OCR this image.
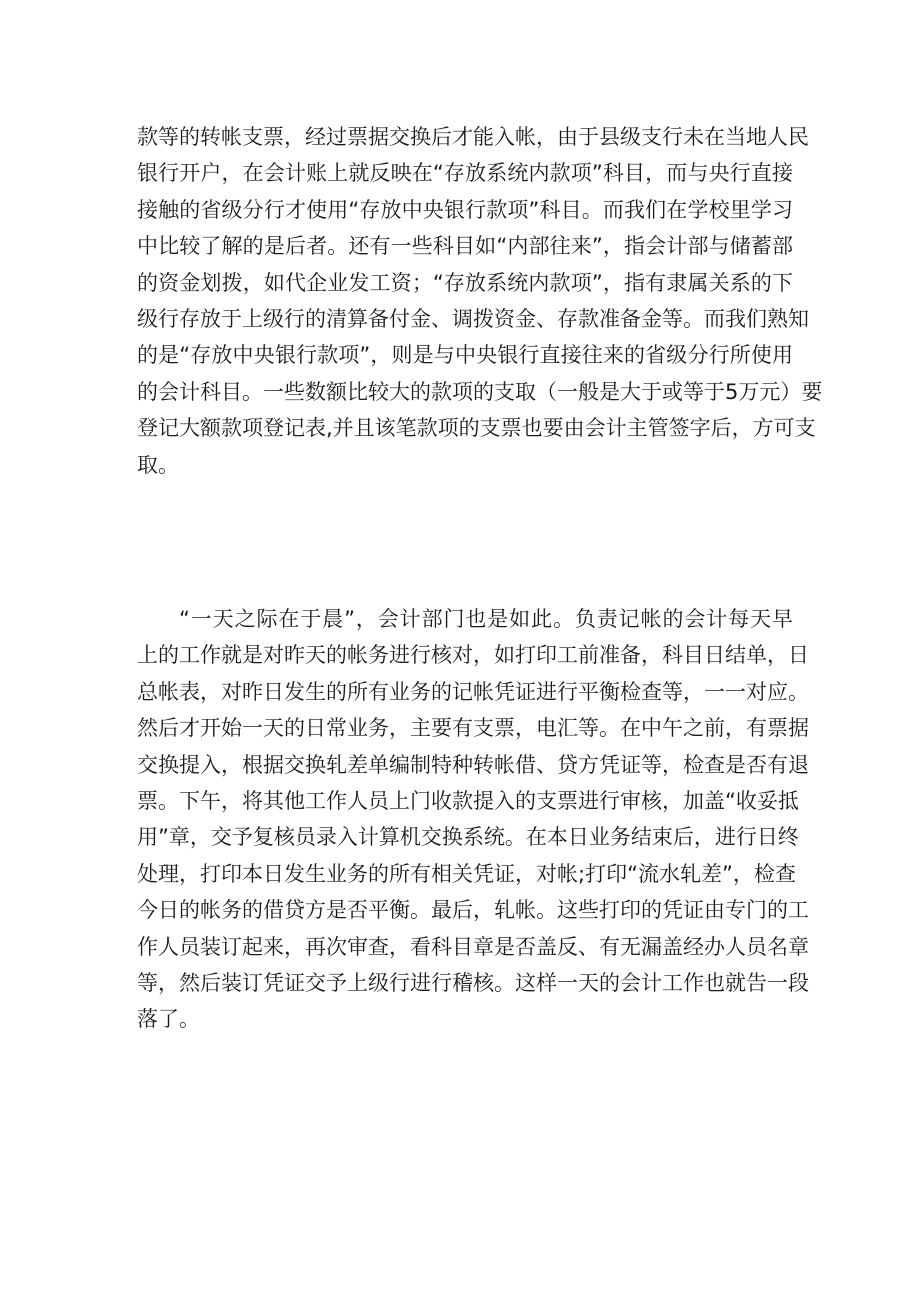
款等的转帐支票，经过票据交换后才能入帐，由于县级支行未在当地人民
银行开户，在会计账上就反映在“存放系统内款项”科目，而与央行直接
接触的省级分行才使用“存放中央银行款项”科目。而我们在学校里学习
中比较了解的是后者。还有一些科目如“内部往来”，指会计部与储蓄部
的资金划拨，如代企业发工资；“存放系统内款项”，指有隶属关系的下
级行存放于上级行的清算备付金、调拨资金、存款准备金等。而我们熟知
的是“存放中央银行款项”，则是与中央银行直接往来的省级分行所使用
的会计科目。一些数额比较大的款项的支取（一般是大于或等于5万元）要
登记大额款项登记表,并且该笔款项的支票也要由会计主管签字后，方可支
取。
“一天之际在于晨”，会计部门也是如此。负责记帐的会计每天早
上的工作就是对昨天的帐务进行核对，如打印工前准备，科目日结单，日
总帐表，对昨日发生的所有业务的记帐凭证进行平衡检查等，一一对应。
然后才开始一天的日常业务，主要有支票，电汇等。在中午之前，有票据
交换提入，根据交换轧差单编制特种转帐借、贷方凭证等，检查是否有退
票。下午，将其他工作人员上门收款提入的支票进行审核，加盖“收妥抵
用”章，交予复核员录入计算机交换系统。在本日业务结束后，进行日终
处理，打印本日发生业务的所有相关凭证，对帐;打印“流水轧差”，检查
今日的帐务的借贷方是否平衡。最后，轧帐。这些打印的凭证由专门的工
作人员装订起来，再次审查，看科目章是否盖反、有无漏盖经办人员名章
等，然后装订凭证交予上级行进行稽核。这样一天的会计工作也就告一段
落了。
